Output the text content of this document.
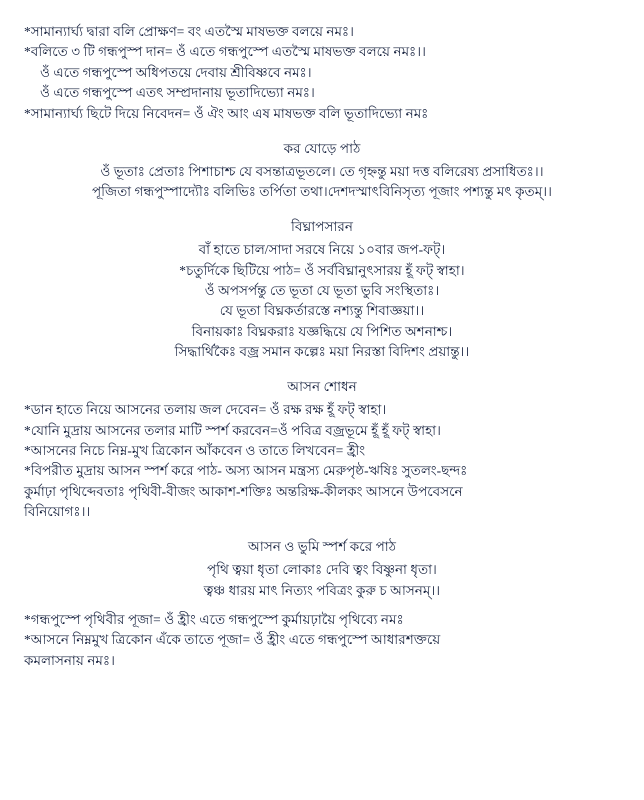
*সামান্যার্ঘ্য দ্বারা বলি প্রোক্ষণ= বং এতস্মৈ মাষভক্ত বলয়ে নমঃ।
*বলিতে ৩ টি গন্ধপুস্প দান= ওঁ এতে গন্ধপুস্পে এতস্মৈ মাষভক্ত বলয়ে নমঃ।।
ওঁ এতে গন্ধপুস্পে অধিপতয়ে দেবায় শ্রীবিষ্ণবে নমঃ।
ওঁ এতে গন্ধপুস্পে এতৎ সম্প্রদানায় ভূতাদিভ্যো নমঃ।
*সামান্যার্ঘ্য ছিটে দিয়ে নিবেদন= ওঁ ঐং আং এষ মাষভক্ত বলি ভূতাদিভ্যো নমঃ
কর যোড়ে পাঠ
ওঁ ভূতাঃ প্রেতাঃ পিশাচাশ্চ যে বসন্তাত্রভূতলে। তে গৃহ্নন্তু ময়া দত্ত বলিরেষ্য প্রসাধিতঃ।।
পূজিতা গন্ধপুস্পাদ্যৌঃ বলিভিঃ তর্পিতা তথা।দেশদস্মাৎবিনিসৃত্য পূজাং পশ্যন্তু মৎ কৃতম্।।
বিঘ্নাপসারন
বাঁ হাতে চাল/সাদা সরষে নিয়ে ১০বার জপ-ফট্।
*চতুর্দিকে ছিটিয়ে পাঠ= ওঁ সর্ববিঘ্নানুৎসারয় হূঁ ফট্ স্বাহা।
ওঁ অপসর্পন্তু তে ভূতা যে ভূতা ভুবি সংস্থিতাঃ।
যে ভূতা বিঘ্নকর্তারস্তে নশ্যন্তু শিবাজ্ঞয়া।।
বিনায়কাঃ বিঘ্নকরাঃ যজ্ঞদ্ধিয়ে যে পিশিত অশনাশ্চ।
সিদ্ধার্থিকৈঃ বজ্র সমান কল্পেঃ ময়া নিরস্তা বিদিশং প্রয়ান্তু।।
আসন শোধন
*ডান হাতে নিয়ে আসনের তলায় জল দেবেন= ওঁ রক্ষ রক্ষ হূঁ ফট্ স্বাহা।
*যোনি মুদ্রায় আসনের তলার মাটি স্পর্শ করবেন=ওঁ পবিত্র বজ্রভূমে হূঁ হূঁ ফট্ স্বাহা।
*আসনের নিচে নিম্ন-মুখ ত্রিকোন আঁকবেন ও তাতে লিখবেন= হ্রীং
*বিপরীত মুদ্রায় আসন স্পর্শ করে পাঠ- অস্য আসন মন্ত্রস্য মেরুপৃষ্ঠ-ঋষিঃ সুতলং-ছন্দঃ
কুর্মাঢ়া পৃথিব্দেবতাঃ পৃথিবী-বীজং আকাশ-শক্তিঃ অন্তরিক্ষ-কীলকং আসনে উপবেসনে
বিনিয়োগঃ।।
আসন ও ভুমি স্পর্শ করে পাঠ
পৃথি ত্বয়া ধৃতা লোকাঃ দেবি ত্বং বিষ্ণুনা ধৃতা।
ত্বঞ্চ ধারয় মাৎ নিত্যং পবিত্রং কুরু চ আসনম্।।
*গন্ধপুস্পে পৃথিবীর পূজা= ওঁ হ্রীং এতে গন্ধপুস্পে কুর্মায়ঢ়ায়ৈ পৃথিব্যে নমঃ
*আসনে নিম্নমুখ ত্রিকোন এঁকে তাতে পূজা= ওঁ হ্রীং এতে গন্ধপুস্পে আধারশক্তয়ে
কমলাসনায় নমঃ।
